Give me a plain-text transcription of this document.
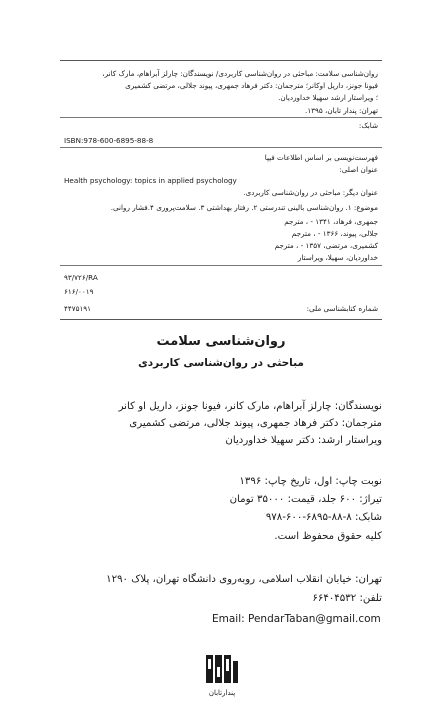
روان‌شناسی سلامت: مباحثی در روان‌شناسی کاربردی/ نویسندگان: چارلز آبراهام، مارک کانر،
فیونا جونز، داریل اوکانر؛ مترجمان: دکتر فرهاد جمهری، پیوند جلالی، مرتضی کشمیری
؛ ویراستار ارشد سهیلا خداوردیان.
تهران: پندار تابان، ۱۳۹۵.
شابک:
ISBN:978-600-6895-88-8
فهرست‌نویسی بر اساس اطلاعات فیپا
عنوان اصلی:
Health psychology: topics in applied psychology
عنوان دیگر: مباحثی در روان‌شناسی کاربردی.
موضوع: ۱. روان‌شناسی بالینی تندرستی ۲. رفتار بهداشتی ۳. سلامت‌پروری ۴.فشار روانی.
جمهری، فرهاد، ۱۳۴۱ - ، مترجم
جلالی، پیوند، ۱۳۶۶ - ، مترجم
کشمیری، مرتضی، ۱۳۵۷ - ، مترجم
خداوردیان، سهیلا، ویراستار
۹۳/۷۲۶/RA
۶۱۶/۰۰۱۹
۴۴۷۵۱۹۱	شماره کتابشناسی ملی:
روان‌شناسی سلامت
مباحثی در روان‌شناسی کاربردی
نویسندگان: چارلز آبراهام، مارک کانر، فیونا جونز، داریل او کانر
مترجمان: دکتر فرهاد جمهری، پیوند جلالی، مرتضی کشمیری
ویراستار ارشد: دکتر سهیلا خداوردیان
نوبت چاپ: اول، تاریخ چاپ: ۱۳۹۶
تیراژ: ۶۰۰ جلد، قیمت: ۳۵۰۰۰ تومان
شابک: ۸-۸۸-۶۸۹۵-۶۰۰-۹۷۸
کلیه حقوق محفوظ است.
تهران: خیابان انقلاب اسلامی، روبه‌روی دانشگاه تهران، پلاک ۱۲۹۰
تلفن: ۶۶۴۰۴۵۳۲
Email: PendarTaban@gmail.com
پندارتابان
